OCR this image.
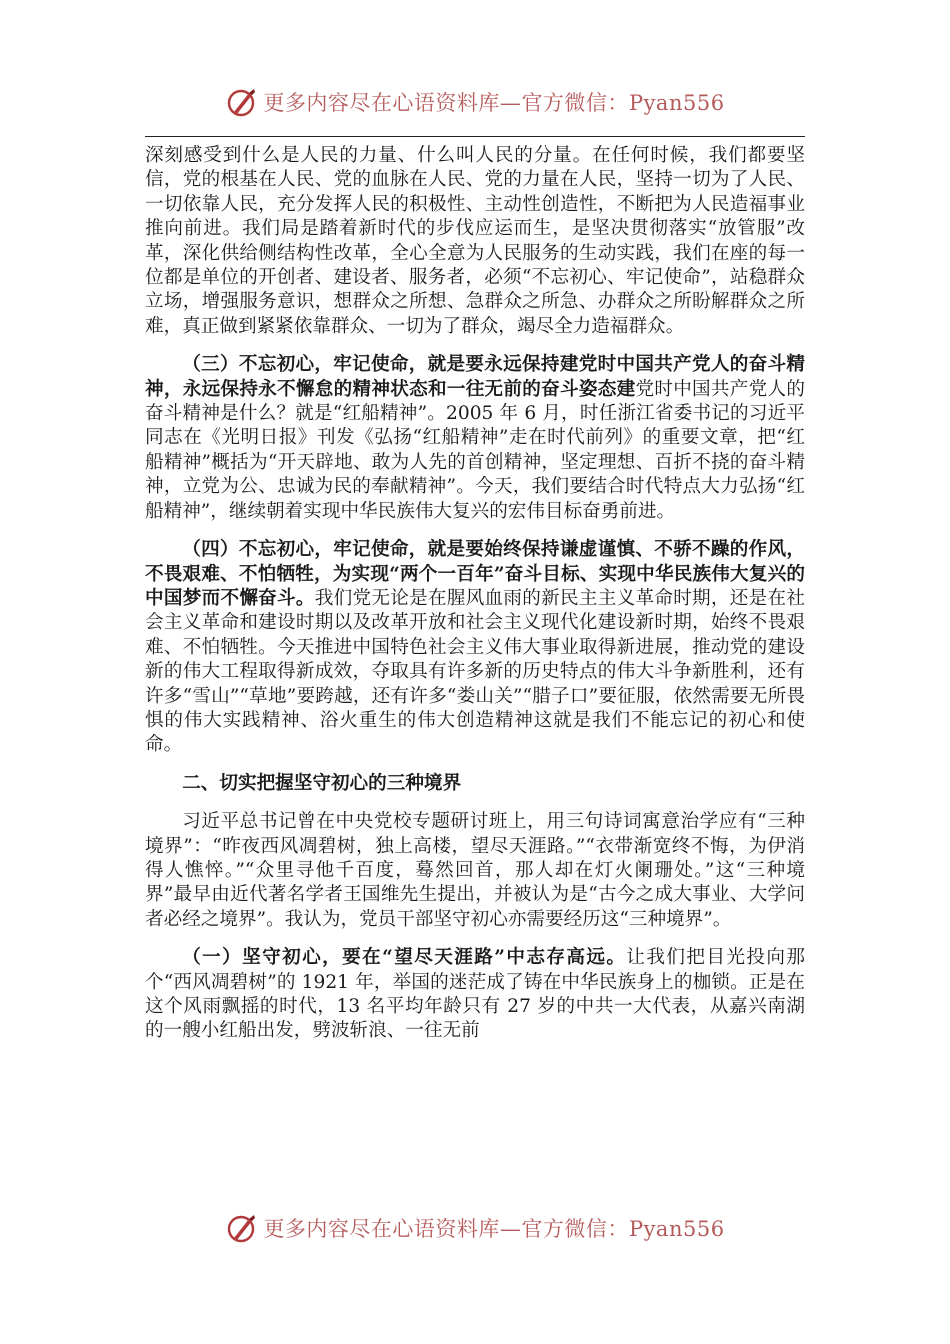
更多内容尽在心语资料库—官方微信：Pyan556

深刻感受到什么是人民的力量、什么叫人民的分量。在任何时候，我们都要坚信，党的根基在人民、党的血脉在人民、党的力量在人民，坚持一切为了人民、一切依靠人民，充分发挥人民的积极性、主动性创造性，不断把为人民造福事业推向前进。我们局是踏着新时代的步伐应运而生，是坚决贯彻落实“放管服”改革，深化供给侧结构性改革，全心全意为人民服务的生动实践，我们在座的每一位都是单位的开创者、建设者、服务者，必须“不忘初心、牢记使命”，站稳群众立场，增强服务意识，想群众之所想、急群众之所急、办群众之所盼解群众之所难，真正做到紧紧依靠群众、一切为了群众，竭尽全力造福群众。

（三）不忘初心，牢记使命，就是要永远保持建党时中国共产党人的奋斗精神，永远保持永不懈怠的精神状态和一往无前的奋斗姿态建党时中国共产党人的奋斗精神是什么？就是“红船精神”。2005 年 6 月，时任浙江省委书记的习近平同志在《光明日报》刊发《弘扬“红船精神”走在时代前列》的重要文章，把“红船精神”概括为“开天辟地、敢为人先的首创精神，坚定理想、百折不挠的奋斗精神，立党为公、忠诚为民的奉献精神”。今天，我们要结合时代特点大力弘扬“红船精神”，继续朝着实现中华民族伟大复兴的宏伟目标奋勇前进。

（四）不忘初心，牢记使命，就是要始终保持谦虚谨慎、不骄不躁的作风，不畏艰难、不怕牺牲，为实现“两个一百年”奋斗目标、实现中华民族伟大复兴的中国梦而不懈奋斗。我们党无论是在腥风血雨的新民主主义革命时期，还是在社会主义革命和建设时期以及改革开放和社会主义现代化建设新时期，始终不畏艰难、不怕牺牲。今天推进中国特色社会主义伟大事业取得新进展，推动党的建设新的伟大工程取得新成效，夺取具有许多新的历史特点的伟大斗争新胜利，还有许多“雪山”“草地”要跨越，还有许多“娄山关”“腊子口”要征服，依然需要无所畏惧的伟大实践精神、浴火重生的伟大创造精神这就是我们不能忘记的初心和使命。

二、切实把握坚守初心的三种境界

习近平总书记曾在中央党校专题研讨班上，用三句诗词寓意治学应有“三种境界”：“昨夜西风凋碧树，独上高楼，望尽天涯路。”“衣带渐宽终不悔，为伊消得人憔悴。”“众里寻他千百度，蓦然回首，那人却在灯火阑珊处。”这“三种境界”最早由近代著名学者王国维先生提出，并被认为是“古今之成大事业、大学问者必经之境界”。我认为，党员干部坚守初心亦需要经历这“三种境界”。

（一）坚守初心，要在“望尽天涯路”中志存高远。让我们把目光投向那个“西风凋碧树”的 1921 年，举国的迷茫成了铸在中华民族身上的枷锁。正是在这个风雨飘摇的时代，13 名平均年龄只有 27 岁的中共一大代表，从嘉兴南湖的一艘小红船出发，劈波斩浪、一往无前

更多内容尽在心语资料库—官方微信：Pyan556
